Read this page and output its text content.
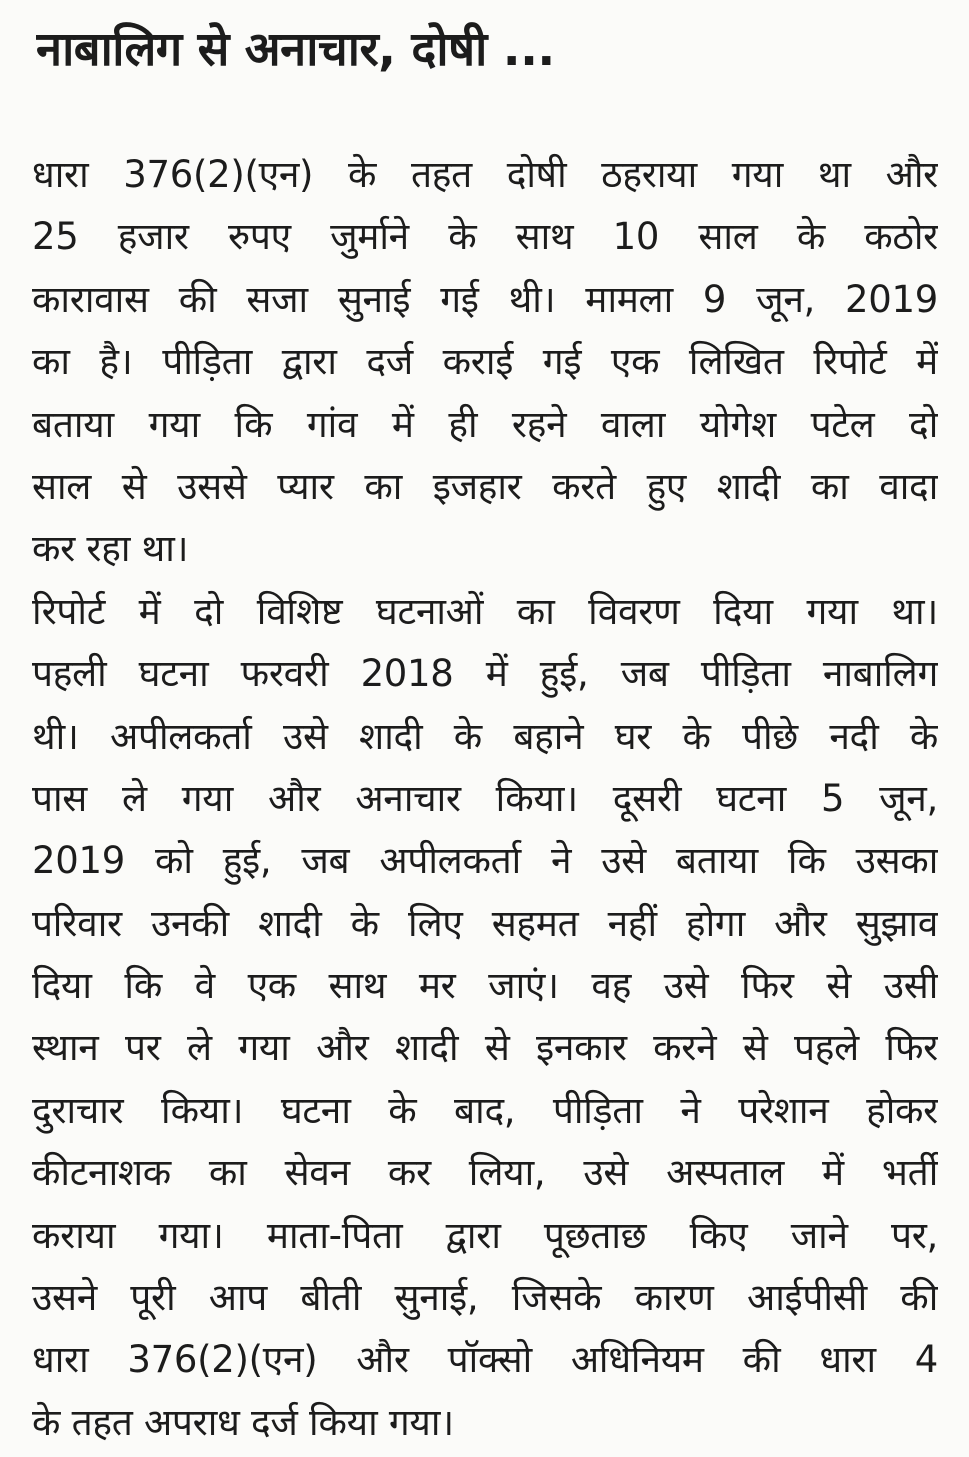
नाबालिग से अनाचार, दोषी ...

धारा 376(2)(एन) के तहत दोषी ठहराया गया था और
25 हजार रुपए जुर्माने के साथ 10 साल के कठोर
कारावास की सजा सुनाई गई थी। मामला 9 जून, 2019
का है। पीड़िता द्वारा दर्ज कराई गई एक लिखित रिपोर्ट में
बताया गया कि गांव में ही रहने वाला योगेश पटेल दो
साल से उससे प्यार का इजहार करते हुए शादी का वादा
कर रहा था।

रिपोर्ट में दो विशिष्ट घटनाओं का विवरण दिया गया था।
पहली घटना फरवरी 2018 में हुई, जब पीड़िता नाबालिग
थी। अपीलकर्ता उसे शादी के बहाने घर के पीछे नदी के
पास ले गया और अनाचार किया। दूसरी घटना 5 जून,
2019 को हुई, जब अपीलकर्ता ने उसे बताया कि उसका
परिवार उनकी शादी के लिए सहमत नहीं होगा और सुझाव
दिया कि वे एक साथ मर जाएं। वह उसे फिर से उसी
स्थान पर ले गया और शादी से इनकार करने से पहले फिर
दुराचार किया। घटना के बाद, पीड़िता ने परेशान होकर
कीटनाशक का सेवन कर लिया, उसे अस्पताल में भर्ती
कराया गया। माता-पिता द्वारा पूछताछ किए जाने पर,
उसने पूरी आप बीती सुनाई, जिसके कारण आईपीसी की
धारा 376(2)(एन) और पॉक्सो अधिनियम की धारा 4
के तहत अपराध दर्ज किया गया।
